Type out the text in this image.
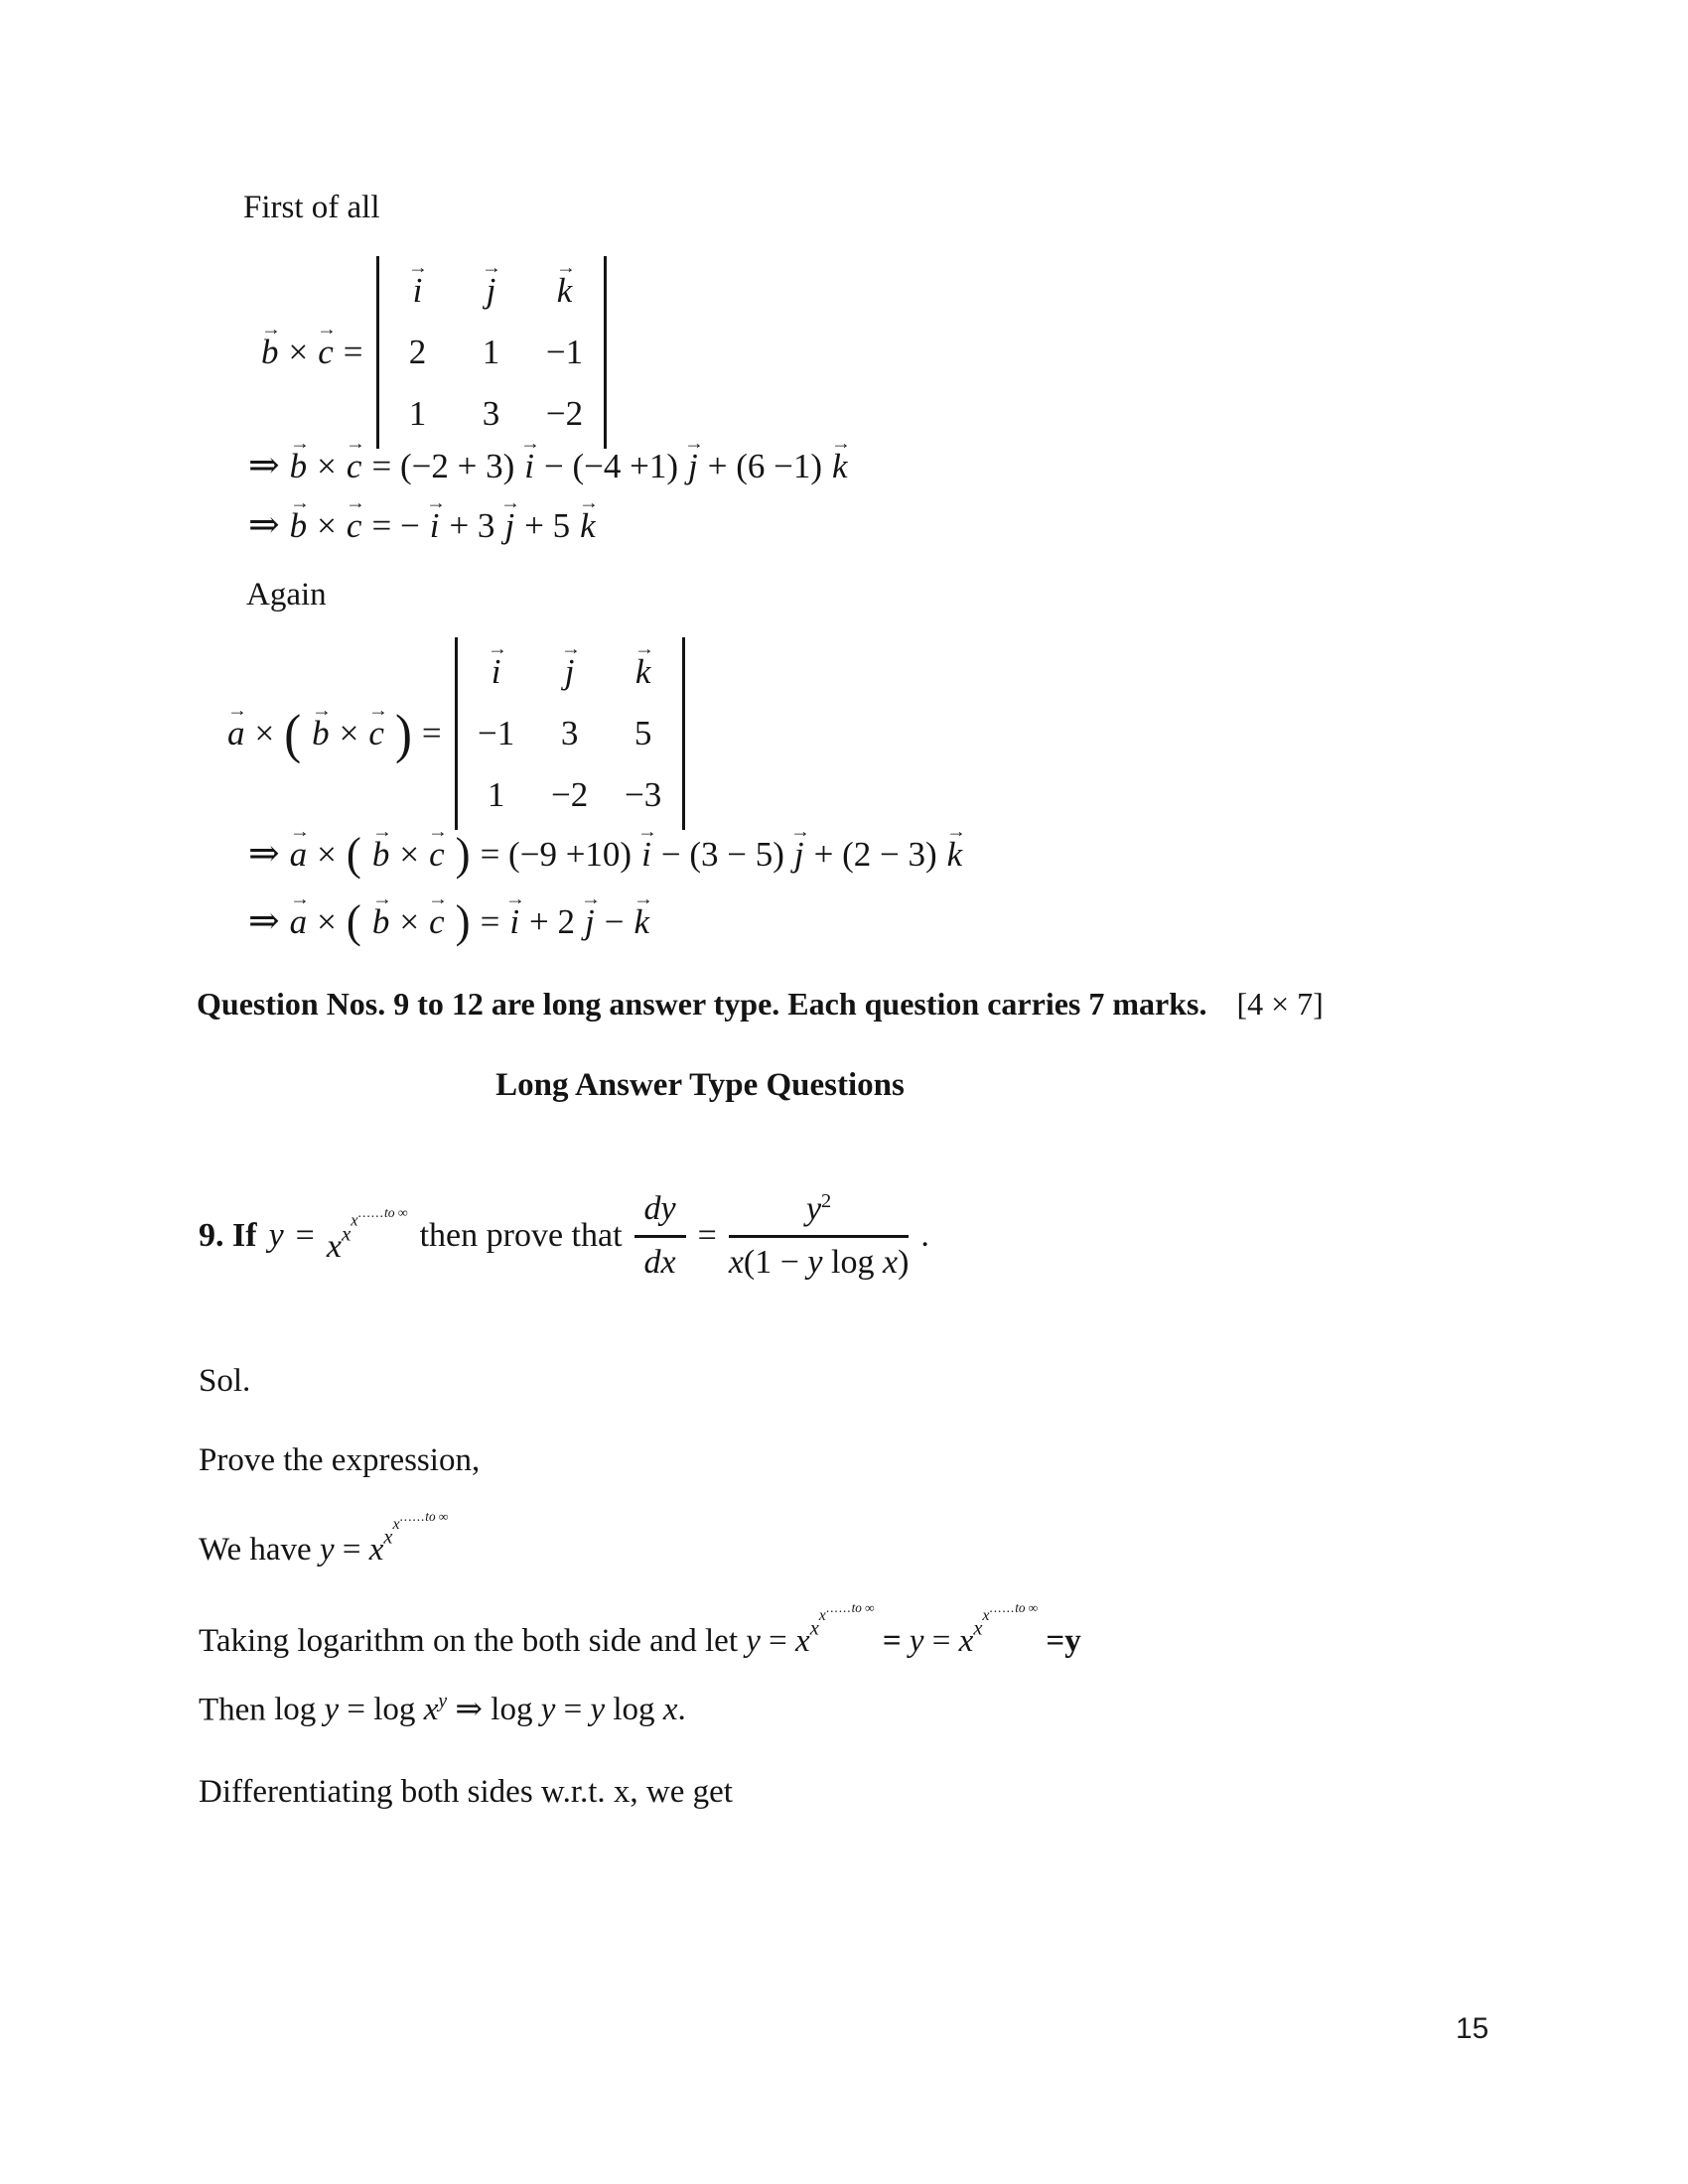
First of all
b → × c → =
i → j → k →
2 1 −1
1 3 −2
⇒ b → × c → = (−2 + 3) i → − (−4 +1) j → + (6 −1) k →
⇒ b → × c → = − i → + 3 j → + 5 k →
Again
a → × ( b → × c → ) =
i → j → k →
−1 3 5
1 −2 −3
⇒ a → × ( b → × c → ) = (−9 +10) i → − (3 − 5) j → + (2 − 3) k →
⇒ a → × ( b → × c → ) = i → + 2 j → − k →
Question Nos. 9 to 12 are long answer type. Each question carries 7 marks. [4 × 7]
Long Answer Type Questions
9. If $y = x^{xx......to \infty}$
then prove that $\frac{dy}{dx} = \frac{y^2}{\text{x(1 − y log x)}}$ .
Sol.
Prove the expression,
We have $y = x^{xx......to \infty}$
Taking logarithm on the both side and let $y = x^{xx......to \infty} = y = x^{xx......to \infty} =y$
Then $\log y = \log x^y$ ⇒ log y = y log x.
Differentiating both sides w.r.t. x, we get
15
